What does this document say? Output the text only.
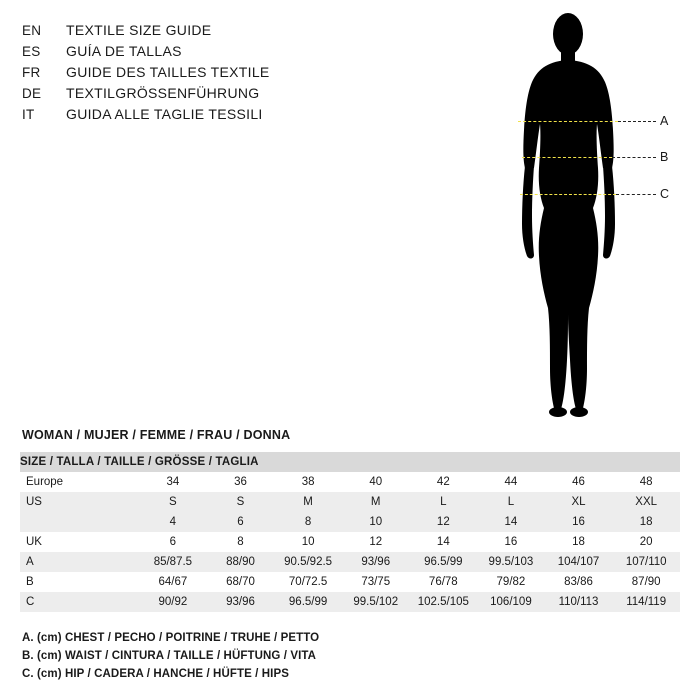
EN	TEXTILE SIZE GUIDE
ES	GUÍA DE TALLAS
FR	GUIDE DES TAILLES TEXTILE
DE	TEXTILGRÖSSENFÜHRUNG
IT	GUIDA ALLE TAGLIE TESSILI	A
B
C
WOMAN / MUJER / FEMME / FRAU / DONNA
SIZE / TALLA / TAILLE / GRÖSSE / TAGLIA								
Europe	34	36	38	40	42	44	46	48
US	S	S	M	M	L	L	XL	XXL
	4	6	8	10	12	14	16	18
UK	6	8	10	12	14	16	18	20
A	85/87.5	88/90	90.5/92.5	93/96	96.5/99	99.5/103	104/107	107/110
B	64/67	68/70	70/72.5	73/75	76/78	79/82	83/86	87/90
C	90/92	93/96	96.5/99	99.5/102	102.5/105	106/109	110/113	114/119
A. (cm) CHEST / PECHO / POITRINE / TRUHE / PETTO
B. (cm) WAIST / CINTURA / TAILLE / HÜFTUNG / VITA
C. (cm) HIP / CADERA / HANCHE / HÜFTE / HIPS
